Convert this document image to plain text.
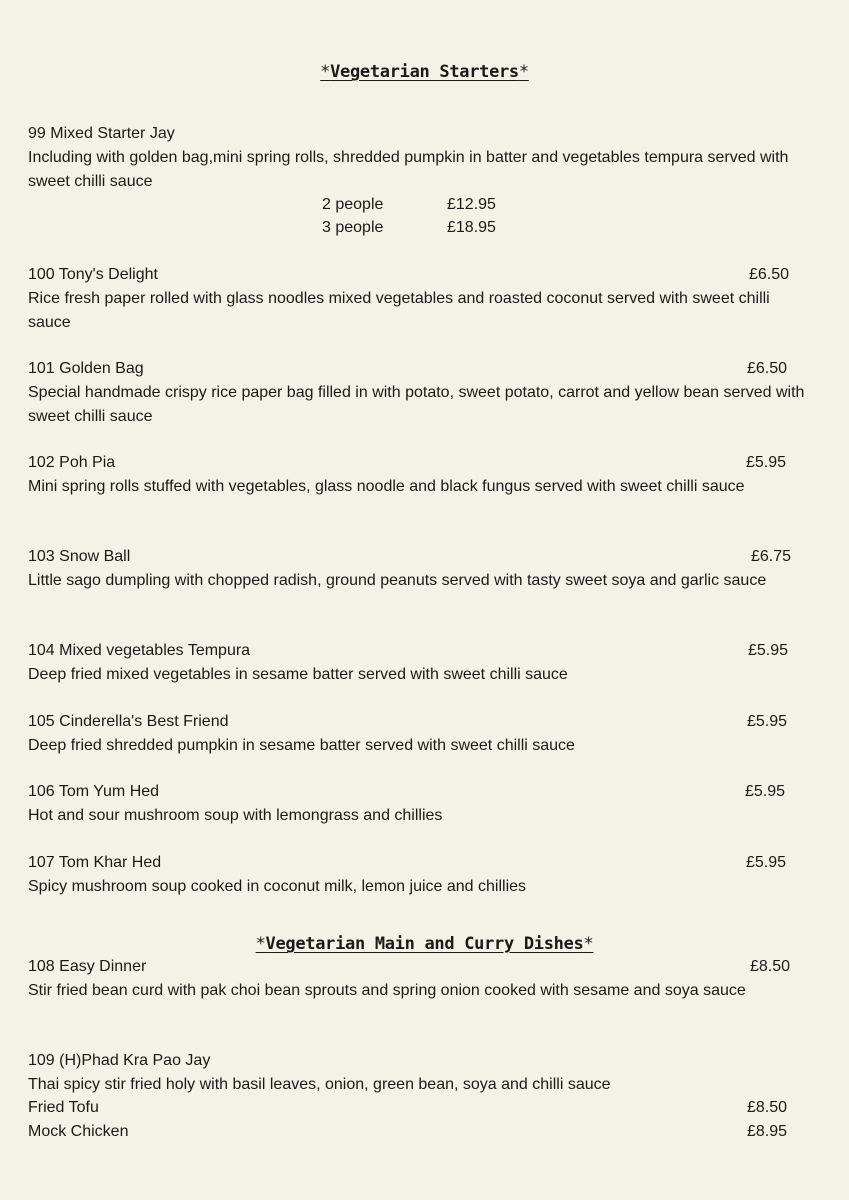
*Vegetarian Starters*
99 Mixed Starter Jay
Including with golden bag,mini spring rolls, shredded pumpkin in batter and vegetables tempura served with sweet chilli sauce
2 people	£12.95
3 people	£18.95
100 Tony's Delight	£6.50
Rice fresh paper rolled with glass noodles mixed vegetables and roasted coconut served with sweet chilli sauce
101 Golden Bag	£6.50
Special handmade crispy rice paper bag filled in with potato, sweet potato, carrot and yellow bean served with sweet chilli sauce
102 Poh Pia	£5.95
Mini spring rolls stuffed with vegetables, glass noodle and black fungus served with sweet chilli sauce
103 Snow Ball	£6.75
Little sago dumpling with chopped radish, ground peanuts served with tasty sweet soya and garlic sauce
104 Mixed vegetables Tempura	£5.95
Deep fried mixed vegetables in sesame batter served with sweet chilli sauce
105 Cinderella's Best Friend	£5.95
Deep fried shredded pumpkin in sesame batter served with sweet chilli sauce
106 Tom Yum Hed	£5.95
Hot and sour mushroom soup with lemongrass and chillies
107 Tom Khar Hed	£5.95
Spicy mushroom soup cooked in coconut milk, lemon juice and chillies
*Vegetarian Main and Curry Dishes*
108 Easy Dinner	£8.50
Stir fried bean curd with pak choi bean sprouts and spring onion cooked with sesame and soya sauce
109 (H)Phad Kra Pao Jay
Thai spicy stir fried holy with basil leaves, onion, green bean, soya and chilli sauce
Fried Tofu	£8.50
Mock Chicken	£8.95
